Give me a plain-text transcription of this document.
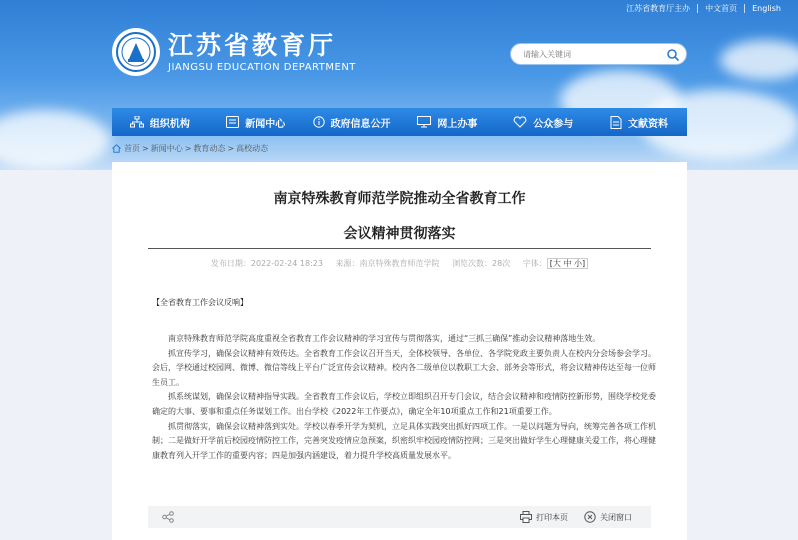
江苏省教育厅主办	中文首页	English
江苏省教育厅
JIANGSU EDUCATION DEPARTMENT
请输入关键词
组织机构	新闻中心	政府信息公开	网上办事	公众参与	文献资料
首页 > 新闻中心 > 教育动态 > 高校动态
南京特殊教育师范学院推动全省教育工作
会议精神贯彻落实
发布日期：2022-02-24 18:23 来源：南京特殊教育师范学院 浏览次数：28次 字体： [大 中 小]
【全省教育工作会议反响】

南京特殊教育师范学院高度重视全省教育工作会议精神的学习宣传与贯彻落实，通过“三抓三确保”推动会议精神落地生效。

抓宣传学习，确保会议精神有效传达。全省教育工作会议召开当天，全体校领导、各单位、各学院党政主要负责人在校内分会场参会学习。会后，学校通过校园网、微博、微信等线上平台广泛宣传会议精神。校内各二级单位以教职工大会、部务会等形式，将会议精神传达至每一位师生员工。

抓系统谋划，确保会议精神指导实践。全省教育工作会议后，学校立即组织召开专门会议，结合会议精神和疫情防控新形势，围绕学校党委确定的大事、要事和重点任务谋划工作。出台学校《2022年工作要点》，确定全年10项重点工作和21项重要工作。

抓贯彻落实，确保会议精神落到实处。学校以春季开学为契机，立足具体实践突出抓好四项工作。一是以问题为导向，统筹完善各项工作机制；二是做好开学前后校园疫情防控工作，完善突发疫情应急预案，织密织牢校园疫情防控网；三是突出做好学生心理健康关爱工作，将心理健康教育列入开学工作的重要内容；四是加强内涵建设，着力提升学校高质量发展水平。

打印本页	关闭窗口
